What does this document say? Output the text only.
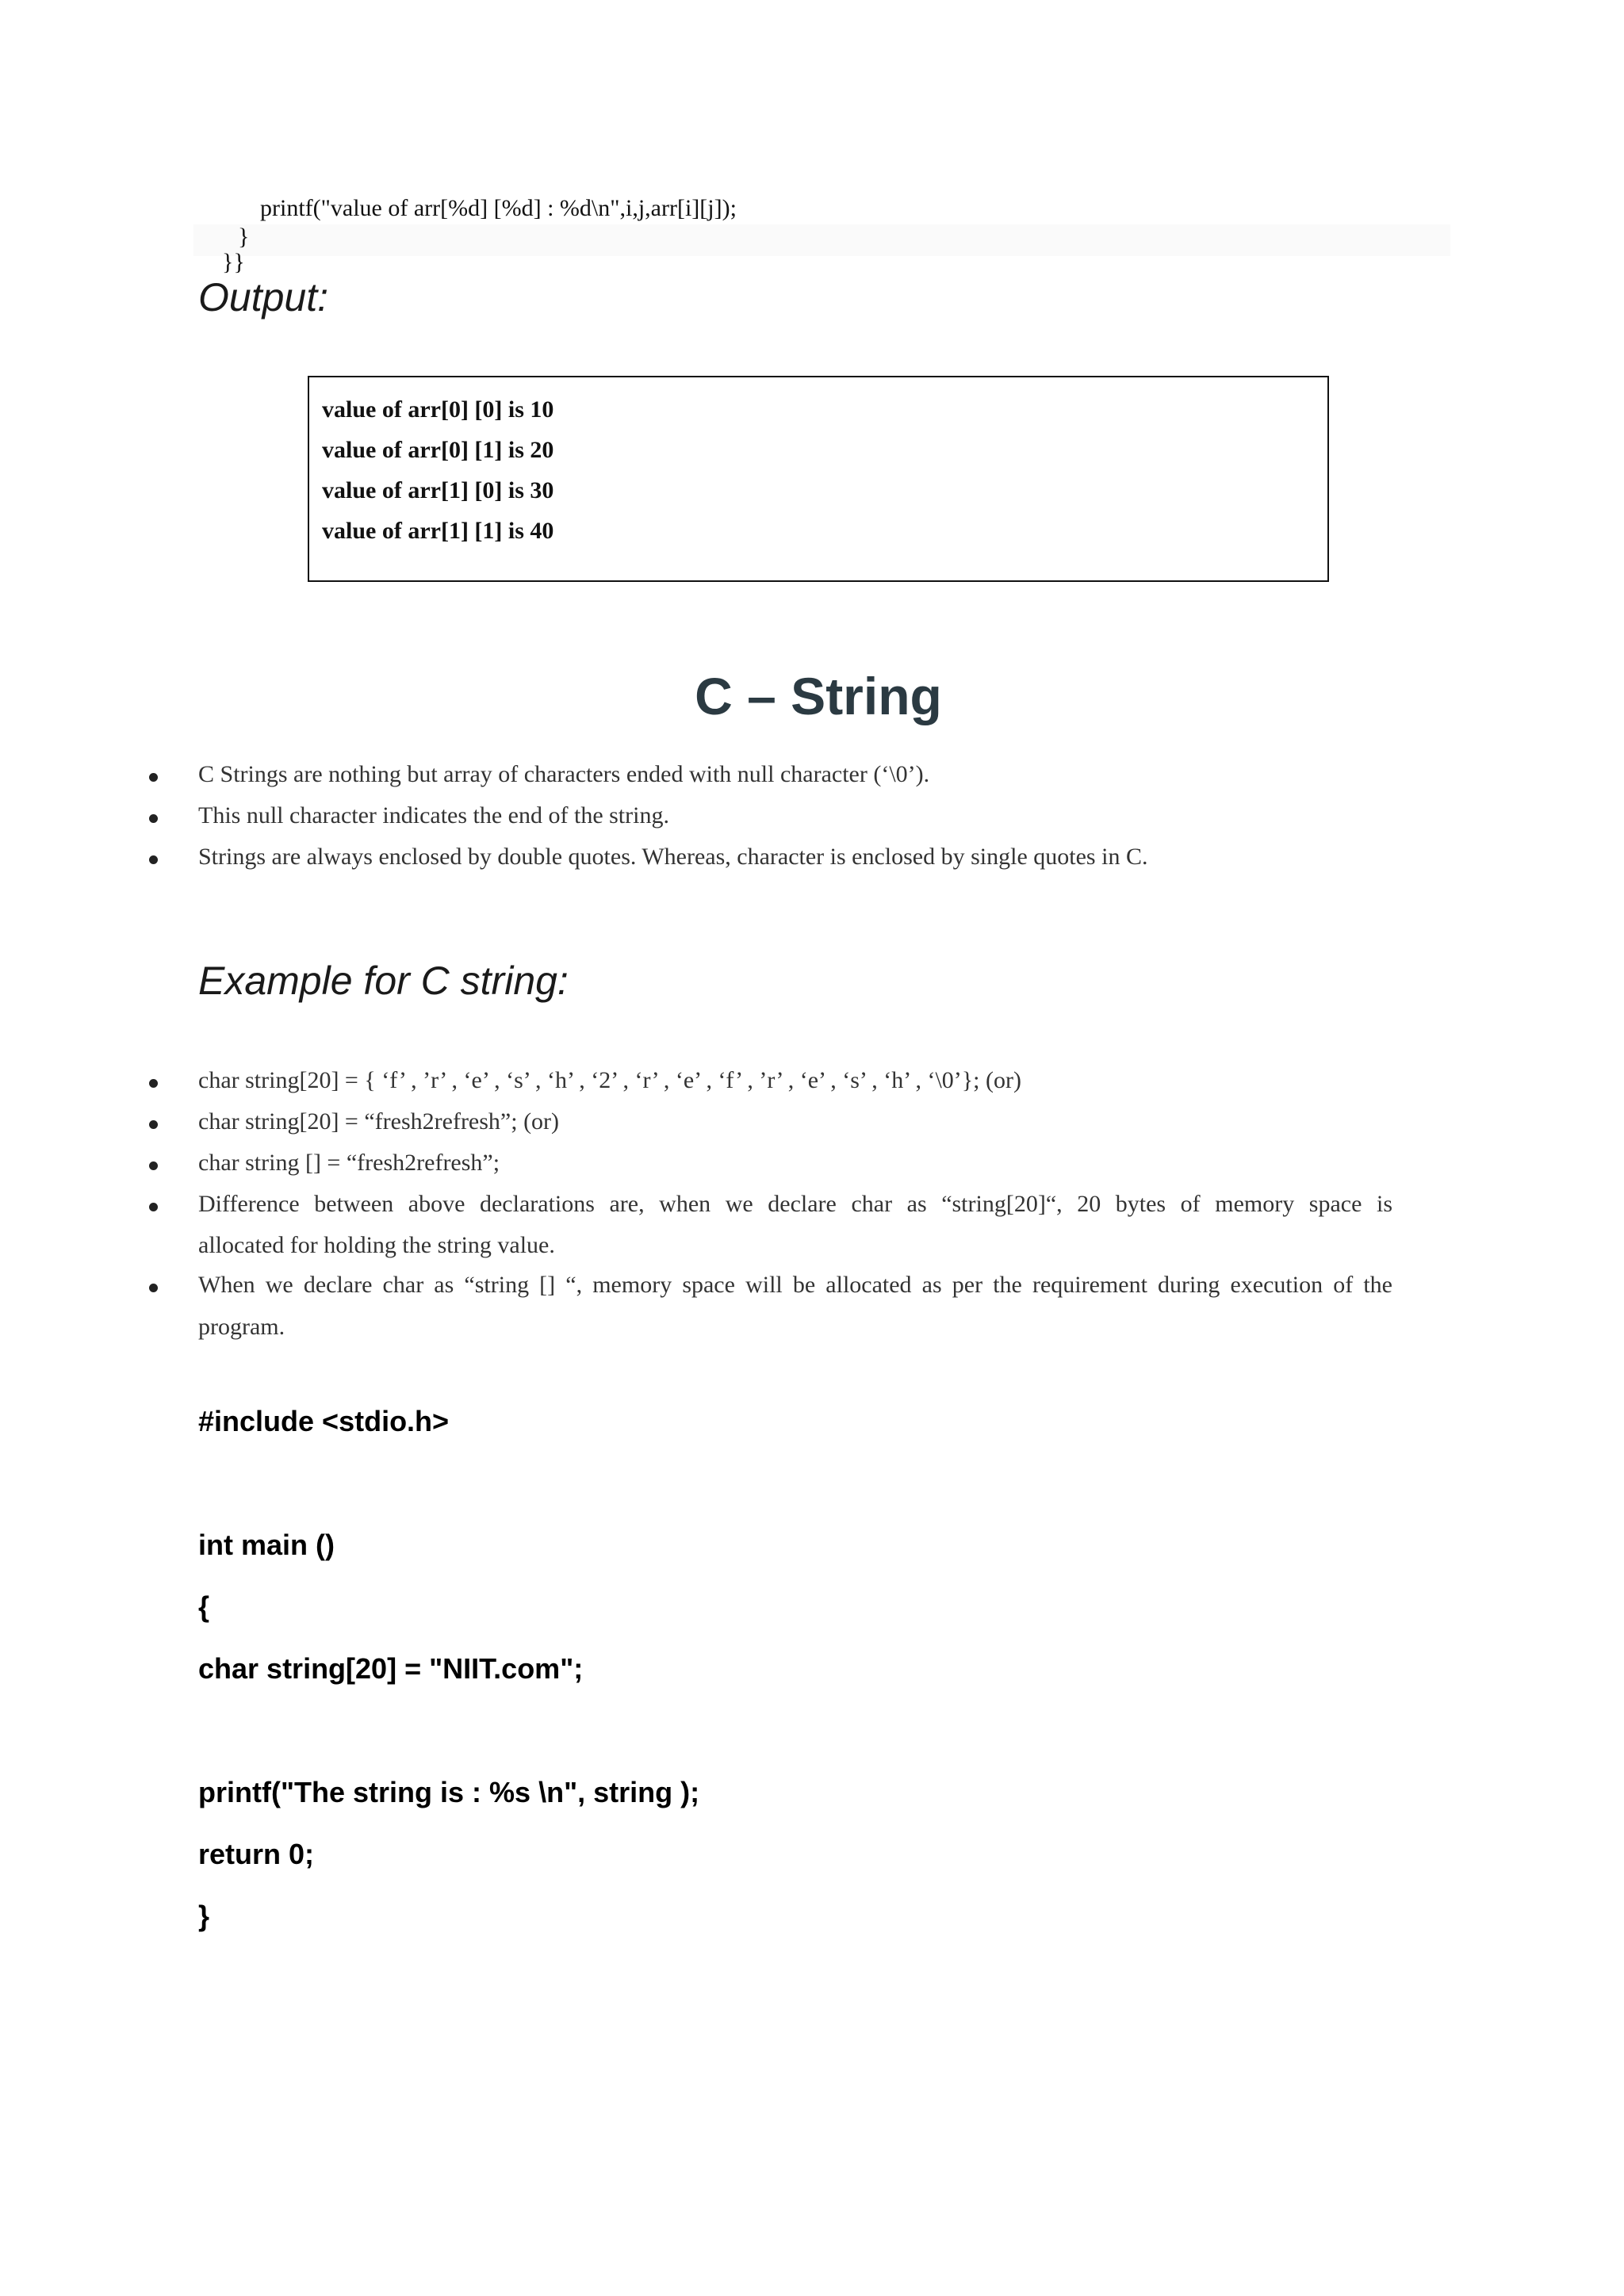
printf("value of arr[%d] [%d] : %d\n",i,j,arr[i][j]);
}
}}
Output:
value of arr[0] [0] is 10
value of arr[0] [1] is 20
value of arr[1] [0] is 30
value of arr[1] [1] is 40
C – String
C Strings are nothing but array of characters ended with null character (‘\0’).
This null character indicates the end of the string.
Strings are always enclosed by double quotes. Whereas, character is enclosed by single quotes in C.
Example for C string:
char string[20] = { ‘f’ , ’r’ , ‘e’ , ‘s’ , ‘h’ , ‘2’ , ‘r’ , ‘e’ , ‘f’ , ’r’ , ‘e’ , ‘s’ , ‘h’ , ‘\0’}; (or)
char string[20] = “fresh2refresh”; (or)
char string [] = “fresh2refresh”;
Difference between above declarations are, when we declare char as “string[20]“, 20 bytes of memory space is
allocated for holding the string value.
When we declare char as “string [] “, memory space will be allocated as per the requirement during execution of the
program.
#include <stdio.h>
int main ()
{
char string[20] = "NIIT.com";
printf("The string is : %s \n", string );
return 0;
}
